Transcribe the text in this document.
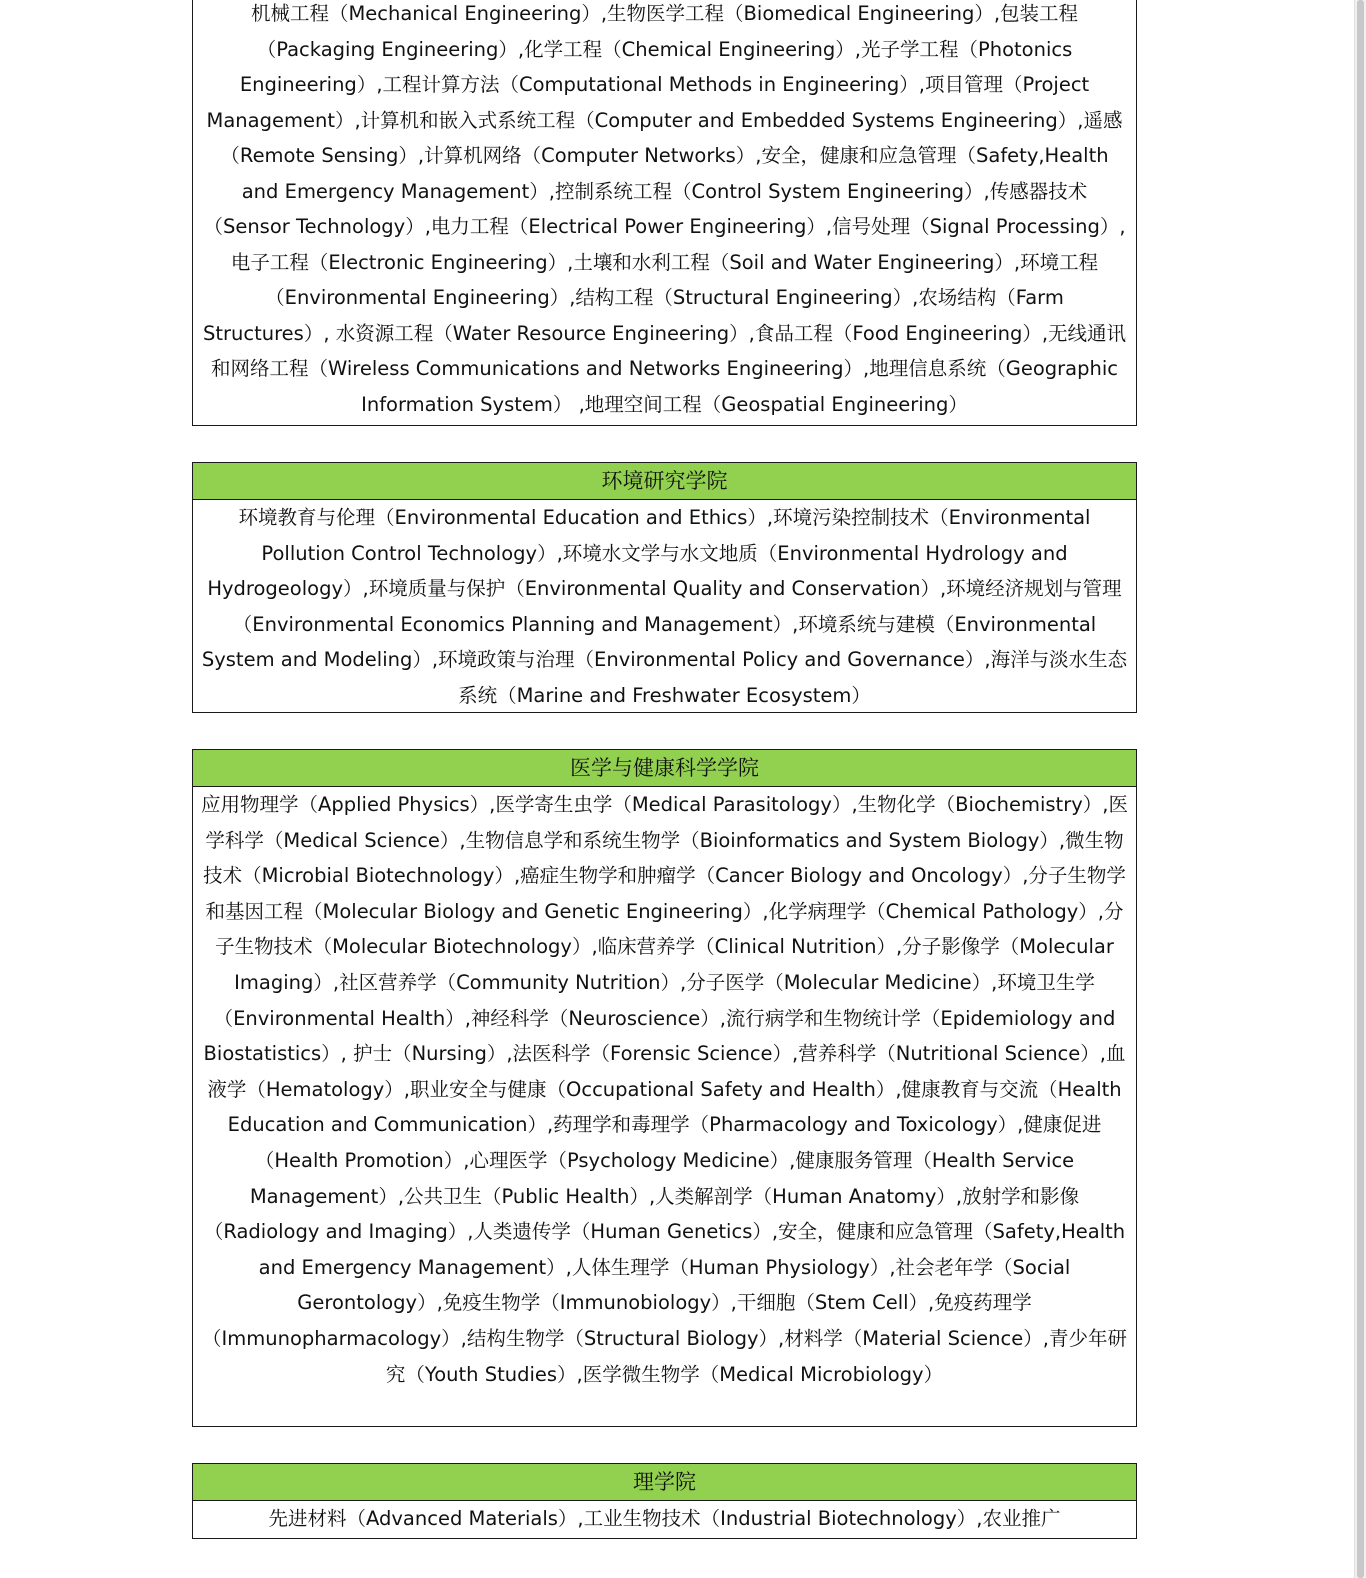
机械工程（Mechanical Engineering）,生物医学工程（Biomedical Engineering）,包装工程（Packaging Engineering）,化学工程（Chemical Engineering）,光子学工程（Photonics Engineering）,工程计算方法（Computational Methods in Engineering）,项目管理（Project Management）,计算机和嵌入式系统工程（Computer and Embedded Systems Engineering）,遥感（Remote Sensing）,计算机网络（Computer Networks）,安全，健康和应急管理（Safety,Health and Emergency Management）,控制系统工程（Control System Engineering）,传感器技术（Sensor Technology）,电力工程（Electrical Power Engineering）,信号处理（Signal Processing）,电子工程（Electronic Engineering）,土壤和水利工程（Soil and Water Engineering）,环境工程（Environmental Engineering）,结构工程（Structural Engineering）,农场结构（Farm Structures）, 水资源工程（Water Resource Engineering）,食品工程（Food Engineering）,无线通讯和网络工程（Wireless Communications and Networks Engineering）,地理信息系统（Geographic Information System） ,地理空间工程（Geospatial Engineering）
环境研究学院
环境教育与伦理（Environmental Education and Ethics）,环境污染控制技术（Environmental Pollution Control Technology）,环境水文学与水文地质（Environmental Hydrology and Hydrogeology）,环境质量与保护（Environmental Quality and Conservation）,环境经济规划与管理（Environmental Economics Planning and Management）,环境系统与建模（Environmental System and Modeling）,环境政策与治理（Environmental Policy and Governance）,海洋与淡水生态系统（Marine and Freshwater Ecosystem）
医学与健康科学学院
应用物理学（Applied Physics）,医学寄生虫学（Medical Parasitology）,生物化学（Biochemistry）,医学科学（Medical Science）,生物信息学和系统生物学（Bioinformatics and System Biology）,微生物技术（Microbial Biotechnology）,癌症生物学和肿瘤学（Cancer Biology and Oncology）,分子生物学和基因工程（Molecular Biology and Genetic Engineering）,化学病理学（Chemical Pathology）,分子生物技术（Molecular Biotechnology）,临床营养学（Clinical Nutrition）,分子影像学（Molecular Imaging）,社区营养学（Community Nutrition）,分子医学（Molecular Medicine）,环境卫生学（Environmental Health）,神经科学（Neuroscience）,流行病学和生物统计学（Epidemiology and Biostatistics）, 护士（Nursing）,法医科学（Forensic Science）,营养科学（Nutritional Science）,血液学（Hematology）,职业安全与健康（Occupational Safety and Health）,健康教育与交流（Health Education and Communication）,药理学和毒理学（Pharmacology and Toxicology）,健康促进（Health Promotion）,心理医学（Psychology Medicine）,健康服务管理（Health Service Management）,公共卫生（Public Health）,人类解剖学（Human Anatomy）,放射学和影像（Radiology and Imaging）,人类遗传学（Human Genetics）,安全，健康和应急管理（Safety,Health and Emergency Management）,人体生理学（Human Physiology）,社会老年学（Social Gerontology）,免疫生物学（Immunobiology）,干细胞（Stem Cell）,免疫药理学（Immunopharmacology）,结构生物学（Structural Biology）,材料学（Material Science）,青少年研究（Youth Studies）,医学微生物学（Medical Microbiology）
理学院
先进材料（Advanced Materials）,工业生物技术（Industrial Biotechnology）,农业推广
